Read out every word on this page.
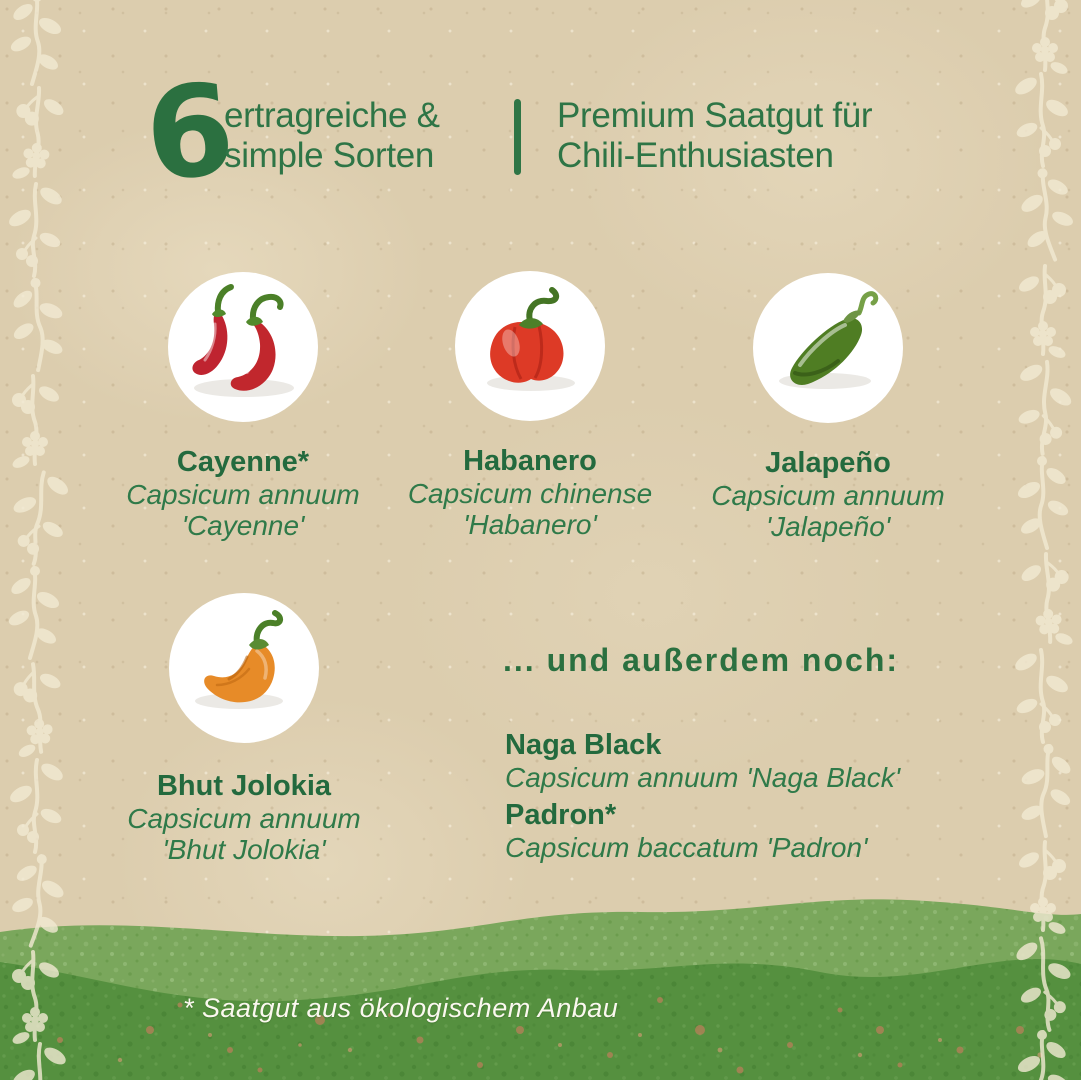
6
ertragreiche &
simple Sorten
Premium Saatgut für
Chili-Enthusiasten
Cayenne*
Capsicum annuum
'Cayenne'
Habanero
Capsicum chinense
'Habanero'
Jalapeño
Capsicum annuum
'Jalapeño'
Bhut Jolokia
Capsicum annuum
'Bhut Jolokia'
... und außerdem noch:
Naga Black
Capsicum annuum 'Naga Black'
Padron*
Capsicum baccatum 'Padron'
* Saatgut aus ökologischem Anbau
